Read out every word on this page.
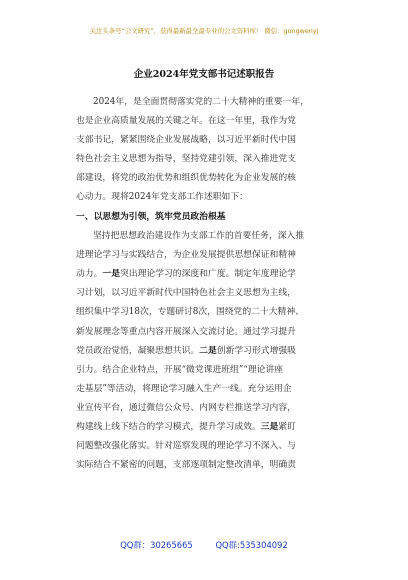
关注头条号“公文研究”，获得最新最全最专业的公文资料库！ 微信：gongwenyj
企业2024年党支部书记述职报告
2024年，是全面贯彻落实党的二十大精神的重要一年，
也是企业高质量发展的关键之年。在这一年里，我作为党
支部书记，紧紧围绕企业发展战略，以习近平新时代中国
特色社会主义思想为指导，坚持党建引领，深入推进党支
部建设，将党的政治优势和组织优势转化为企业发展的核
心动力。现将2024年党支部工作述职如下：
一、以思想为引领，筑牢党员政治根基
坚持把思想政治建设作为支部工作的首要任务，深入推
进理论学习与实践结合，为企业发展提供思想保证和精神
动力。一是突出理论学习的深度和广度。制定年度理论学
习计划，以习近平新时代中国特色社会主义思想为主线，
组织集中学习18次，专题研讨8次，围绕党的二十大精神、
新发展理念等重点内容开展深入交流讨论。通过学习提升
党员政治觉悟，凝聚思想共识。二是创新学习形式增强吸
引力。结合企业特点，开展“微党课进班组”“理论讲座
走基层”等活动，将理论学习融入生产一线。充分运用企
业宣传平台，通过微信公众号、内网专栏推送学习内容，
构建线上线下结合的学习模式，提升学习成效。三是紧盯
问题整改强化落实。针对巡察发现的理论学习不深入、与
实际结合不紧密的问题，支部逐项制定整改清单，明确责
QQ群：30265665	QQ群:535304092
